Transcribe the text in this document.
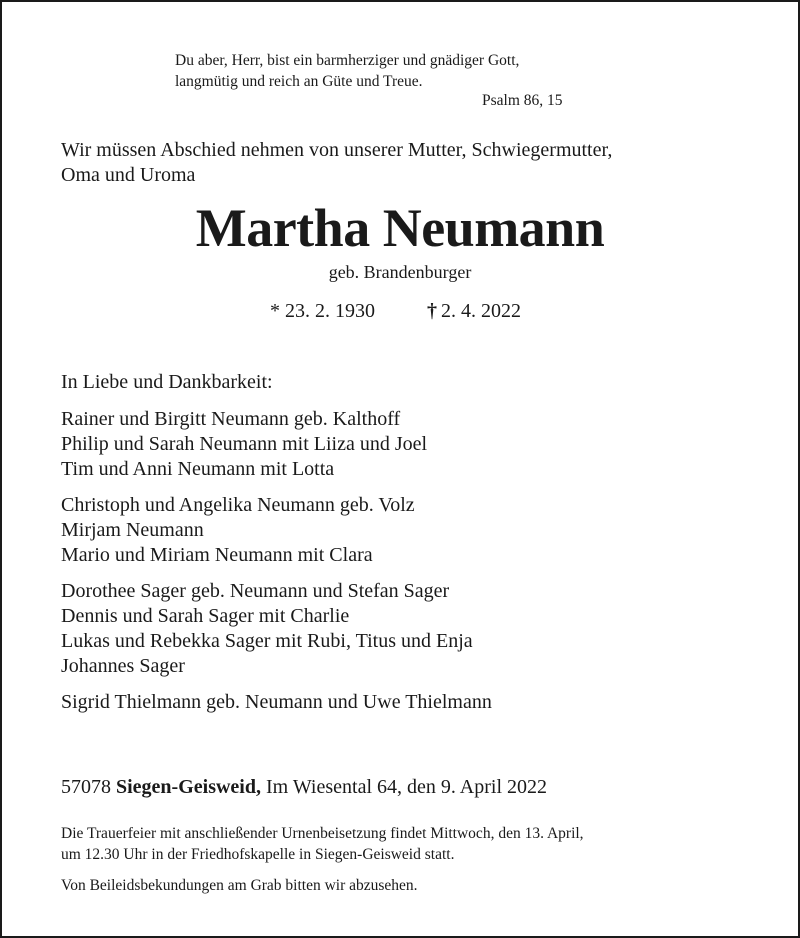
Du aber, Herr, bist ein barmherziger und gnädiger Gott,
langmütig und reich an Güte und Treue.
Psalm 86, 15
Wir müssen Abschied nehmen von unserer Mutter, Schwiegermutter,
Oma und Uroma
Martha Neumann
geb. Brandenburger
* 23. 2. 1930	† 2. 4. 2022
In Liebe und Dankbarkeit:
Rainer und Birgitt Neumann geb. Kalthoff
Philip und Sarah Neumann mit Liiza und Joel
Tim und Anni Neumann mit Lotta
Christoph und Angelika Neumann geb. Volz
Mirjam Neumann
Mario und Miriam Neumann mit Clara
Dorothee Sager geb. Neumann und Stefan Sager
Dennis und Sarah Sager mit Charlie
Lukas und Rebekka Sager mit Rubi, Titus und Enja
Johannes Sager
Sigrid Thielmann geb. Neumann und Uwe Thielmann
57078 Siegen-Geisweid, Im Wiesental 64, den 9. April 2022
Die Trauerfeier mit anschließender Urnenbeisetzung findet Mittwoch, den 13. April,
um 12.30 Uhr in der Friedhofskapelle in Siegen-Geisweid statt.
Von Beileidsbekundungen am Grab bitten wir abzusehen.
